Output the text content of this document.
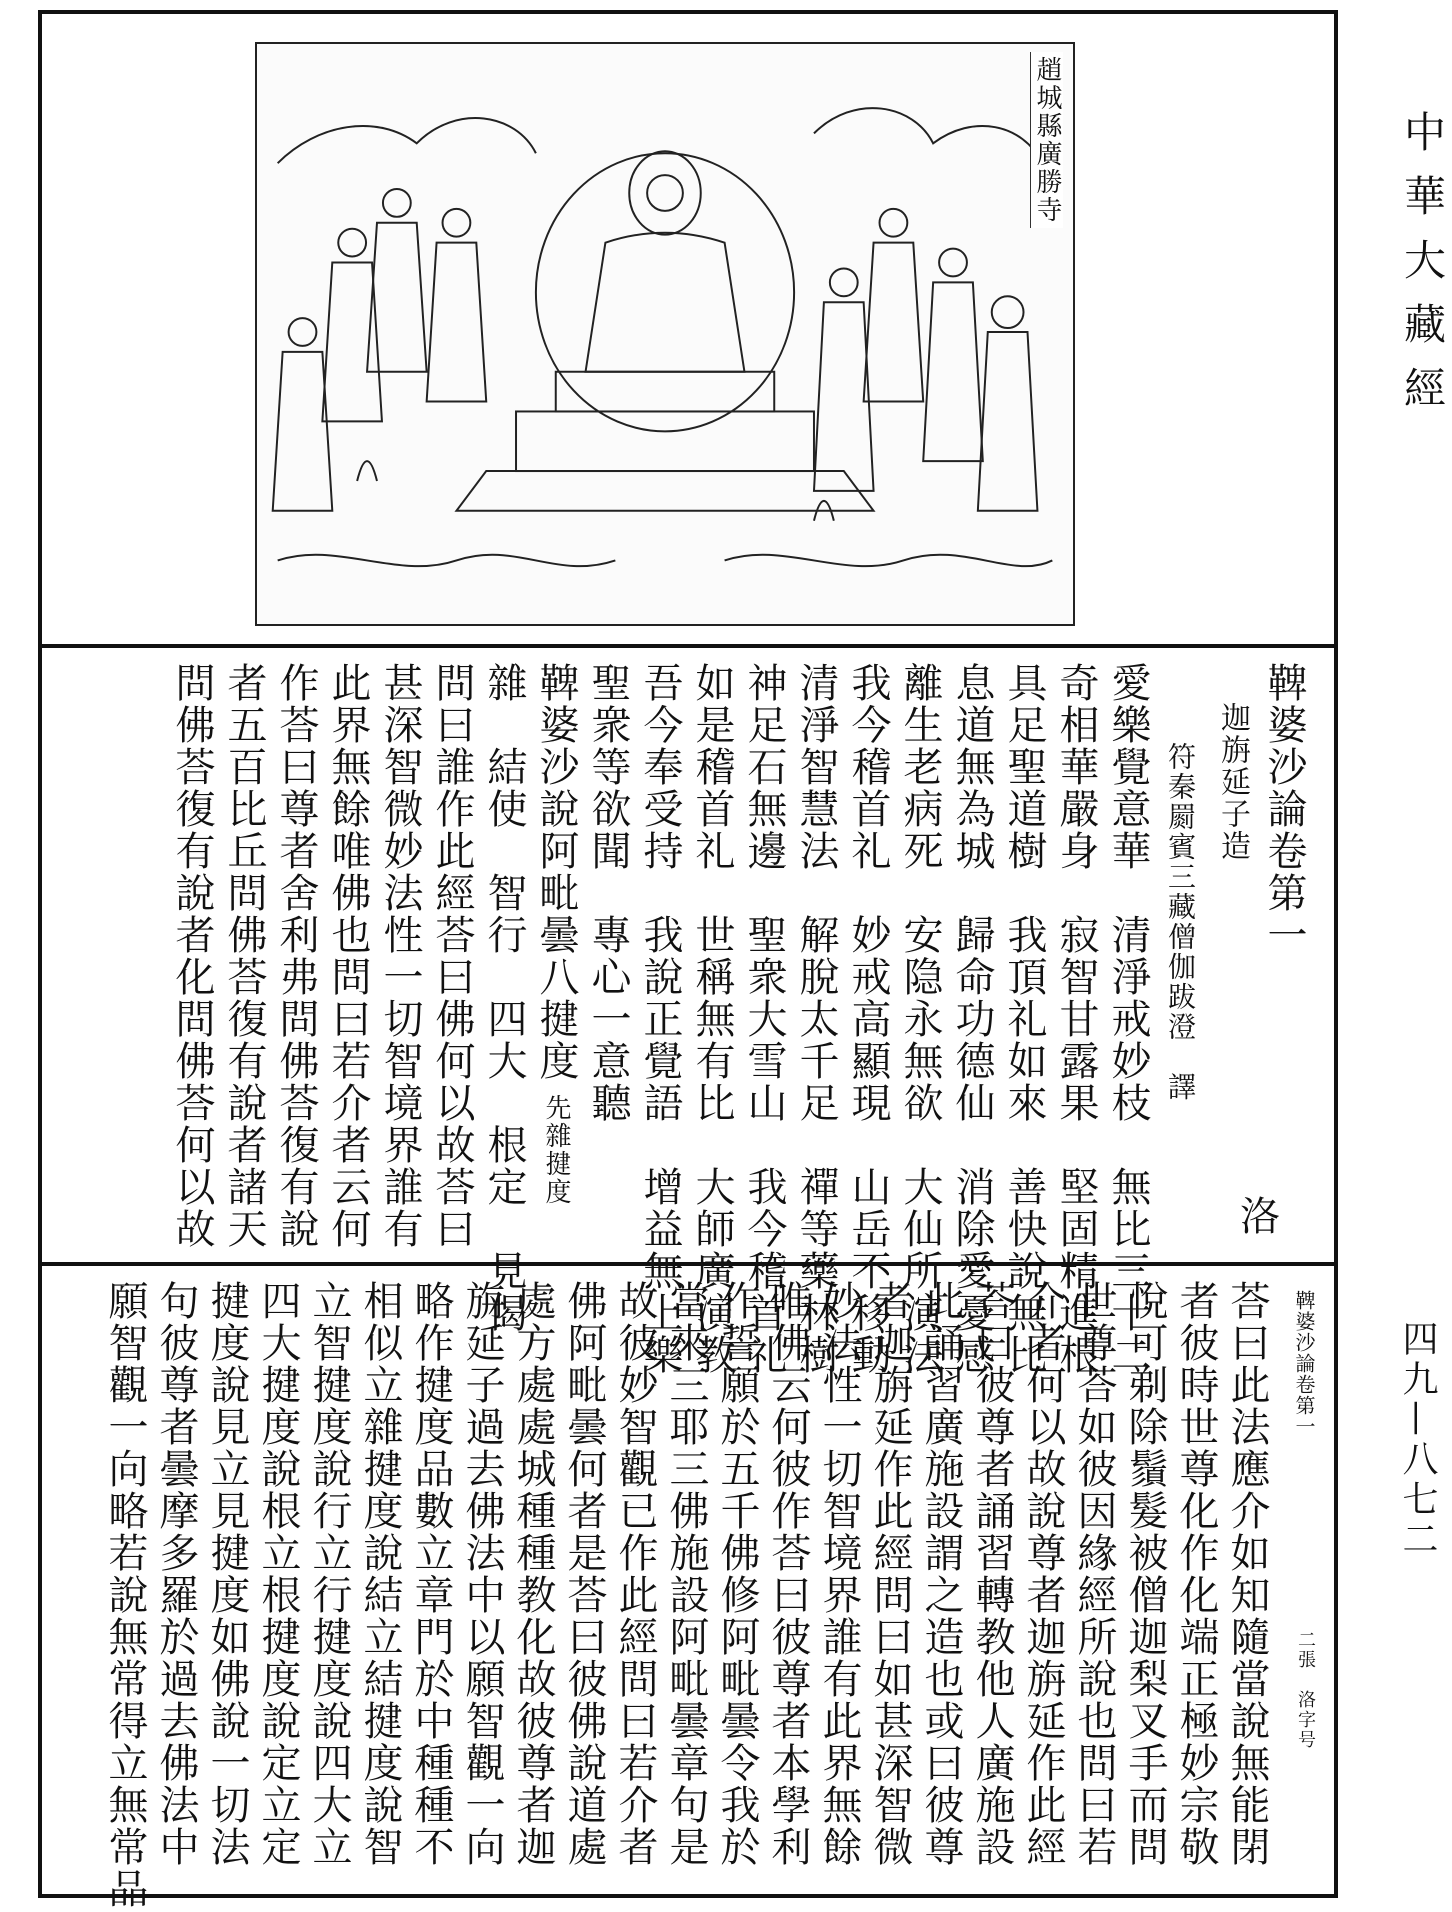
中華大藏經
四九—八七二
趙城縣廣勝寺
鞞婆沙論卷第一
迦旃延子造
符秦罽賓三藏僧伽跋澄　譯
愛樂覺意華　清淨戒妙枝　無比三十二
奇相華嚴身　寂智甘露果　堅固精進根
具足聖道樹　我頂礼如來　善快說無比
息道無為城　歸命功德仙　消除愛憂感
離生老病死　安隐永無欲　大仙所演法
我今稽首礼　妙戒高顯現　山岳不移動
清淨智慧法　解脫太千足　禪等藥林樹
神足石無邊　聖衆大雪山　我今稽首礼
如是稽首礼　世稱無有比　大師廣演教
吾今奉受持　我說正覺語　增益無上樂
聖衆等欲聞　專心一意聽
鞞婆沙說阿毗曇八揵度先雜揵度
雜　結使　智行　四大　根定　見偈
問曰誰作此經荅曰佛何以故荅曰
甚深智微妙法性一切智境界誰有
此界無餘唯佛也問曰若介者云何
作荅曰尊者舍利弗問佛荅復有說
者五百比丘問佛荅復有說者諸天
問佛荅復有說者化問佛荅何以故	洛
鞞婆沙論卷第一
二張　洛字号
荅曰此法應介如知隨當說無能閉
者彼時世尊化作化端正極妙宗敬
悅可剃除鬚髮被僧迦梨叉手而問
世尊荅如彼因緣經所說也問曰若
介者何以故說尊者迦旃延作此經
荅曰彼尊者誦習轉教他人廣施設
此誦習廣施設謂之造也或曰彼尊
者迦旃延作此經問曰如甚深智微
妙法性一切智境界誰有此界無餘
唯佛云何彼作荅曰彼尊者本學利
作誓願於五千佛修阿毗曇令我於
當來三耶三佛施設阿毗曇章句是
故彼妙智觀已作此經問曰若介者
佛阿毗曇何者是荅曰彼佛說道處
處方處處城種種教化故彼尊者迦
旃延子過去佛法中以願智觀一向
略作揵度品數立章門於中種種不
相似立雜揵度說結立結揵度說智
立智揵度說行立行揵度說四大立
四大揵度說根立根揵度說定立定
揵度說見立見揵度如佛說一切法
句彼尊者曇摩多羅於過去佛法中
願智觀一向略若說無常得立無常品
